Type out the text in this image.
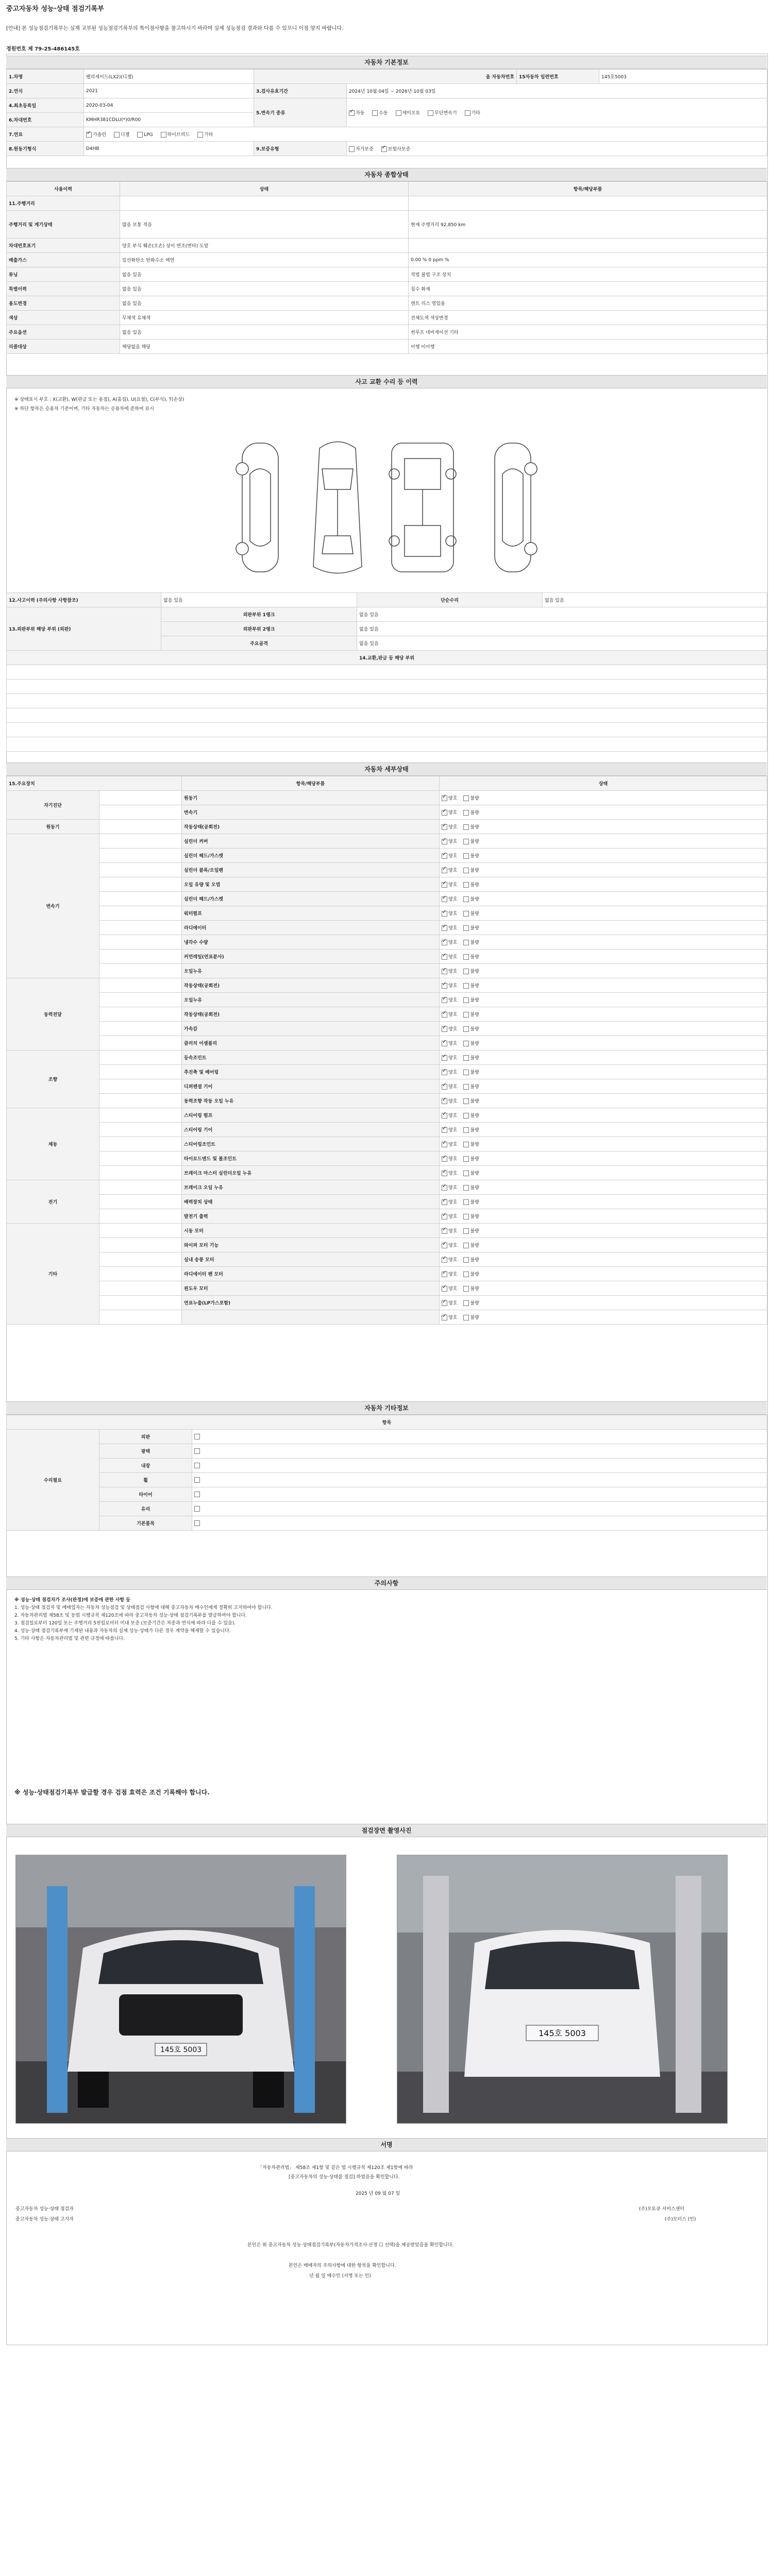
중고자동차 성능·상태 점검기록부
[안내] 본 성능점검기록부는 실제 교부된 성능점검기록부의 특이점사항을 참고하시기 바라며 실제 성능점검 결과와 다를 수 있으니 이점 양지 바랍니다.
정원번호 제 79-25-486145호
자동차 기본정보
1.차명	펠리세이드(LX2)(디젤)	을 자동차번호		15자동차 일련번호	145호5003
2.연식	2021	3.검사유효기간	2024년 10월 04일 ~ 2026년 10월 03일		
4.최초등록일	2020-03-04	5.변속기 종류	✓자동 수동 세미오토 무단변속기 기타
6.차대번호	KMHR381CDLU(*)0/R00				
7.연료	✓가솔린 디젤 LPG 하이브리드 기타
8.원동기형식	D4HB	9.보증유형	자가보증 ✓ 보험사보증
자동차 종합상태
사용이력	상태	항목/해당부품
11.주행거리		
주행거리 및 계기상태	많음 보통 적음	현재 주행거리 92,850 km
차대번호표기	양호 부식 훼손(오손) 상이 변조(변타) 도말	
배출가스	일산화탄소 탄화수소 매연	0.00 % 0 ppm %
튜닝	없음 있음	적법 불법 구조 장치
특별이력	없음 있음	침수 화재
용도변경	없음 있음	렌트 리스 영업용
색상	무채색 유채색	전체도색 색상변경
주요옵션	없음 있음	썬루프 네비게이션 기타
리콜대상	해당없음 해당	이행 미이행
사고 교환 수리 등 이력
※ 상태표시 부호 : X(교환), W(판금 또는 용접), A(흠집), U(요철), C(부식), T(손상)
※ 하단 항목은 승용차 기준이며, 기타 자동차는 승용차에 준하여 표시
12.사고이력 (주의사항 사항참조)	없음 있음	단순수리	없음 있음
13.외판부위 해당 부위 (외판)	외판부위 1랭크	없음 있음	
	외판부위 2랭크	없음 있음	
	주요골격	없음 있음	
14.교환,판금 등 해당 부위			

자동차 세부상태
15.주요장치		항목/해당부품	상태
자기진단		원동기	✓양호 불량
		변속기	✓양호 불량
원동기		작동상태(공회전)	✓양호 불량
변속기		실린더 커버	✓양호 불량
		실린더 헤드/가스켓	✓양호 불량
		실린더 블록/오일팬	✓양호 불량
		오일 유량 및 오염	✓양호 불량
		실린더 헤드/가스켓	✓양호 불량
		워터펌프	✓양호 불량
		라디에이터	✓양호 불량
		냉각수 수량	✓양호 불량
		커먼레일(연료분사)	✓양호 불량
		오일누유	✓양호 불량
동력전달		작동상태(공회전)	✓양호 불량
		오일누유	✓양호 불량
		작동상태(공회전)	✓양호 불량
		가속감	✓양호 불량
		클러치 어셈블리	✓양호 불량
조향		등속조인트	✓양호 불량
		추진축 및 베어링	✓양호 불량
		디퍼렌셜 기어	✓양호 불량
		동력조향 작동 오일 누유	✓양호 불량
제동		스티어링 펌프	✓양호 불량
		스티어링 기어	✓양호 불량
		스티어링조인트	✓양호 불량
		타이로드엔드 및 볼조인트	✓양호 불량
		브레이크 마스터 실린더오일 누유	✓양호 불량
전기		브레이크 오일 누유	✓양호 불량
		배력장치 상태	✓양호 불량
		발전기 출력	✓양호 불량
기타		시동 모터	✓양호 불량
		와이퍼 모터 기능	✓양호 불량
		실내 송풍 모터	✓양호 불량
		라디에이터 팬 모터	✓양호 불량
		윈도우 모터	✓양호 불량
		연료누출(LP가스포함)	✓양호 불량
		✓양호 불량
자동차 기타정보
항목		
수리필요	외판	
	광택	
	내장	
	휠	
	타이어	
	유리	
	기본품목	
주의사항

※ 성능·상태 점검자가 조사(판정)에 보증에 관한 사항 등

1. 성능·상태 점검자 및 매매업자는 자동차 성능점검 및 상태점검 사항에 대해 중고자동차 매수인에게 정확히 고지하여야 합니다.

2. 자동차관리법 제58조 및 동법 시행규칙 제120조에 따라 중고자동차 성능·상태 점검기록부를 발급하여야 합니다.

3. 점검일로부터 120일 또는 주행거리 5천킬로미터 이내 보증 (보증기간은 차종과 연식에 따라 다를 수 있음).

4. 성능·상태 점검기록부에 기재된 내용과 자동차의 실제 성능·상태가 다른 경우 계약을 해제할 수 있습니다.

5. 기타 사항은 자동차관리법 및 관련 규정에 따릅니다.

※ 성능·상태점검기록부 발급할 경우 검점 효력은 조건 기록해야 합니다.
점검장면 촬영사진
145호 5003
145호 5003
서명
「자동차관리법」 제58조 제1항 및 같은 법 시행규칙 제120조 제1항에 따라
[중고자동차의 성능·상태를 점검] 하였음을 확인합니다.
2025 년 09 월 07 일
중고자동차 성능·상태 점검자	(주)오토큐 서비스센터
중고자동차 성능·상태 고지자	(주)모터스 (인)
본인은 위 중고자동차 성능·상태점검기록부(자동차가격조사·산정 ☐ 선택)을 제공받았음을 확인합니다.
본인은 매매자의 주의사항에 대한 항목을 확인합니다.
년 월 일 매수인 (서명 또는 인)
